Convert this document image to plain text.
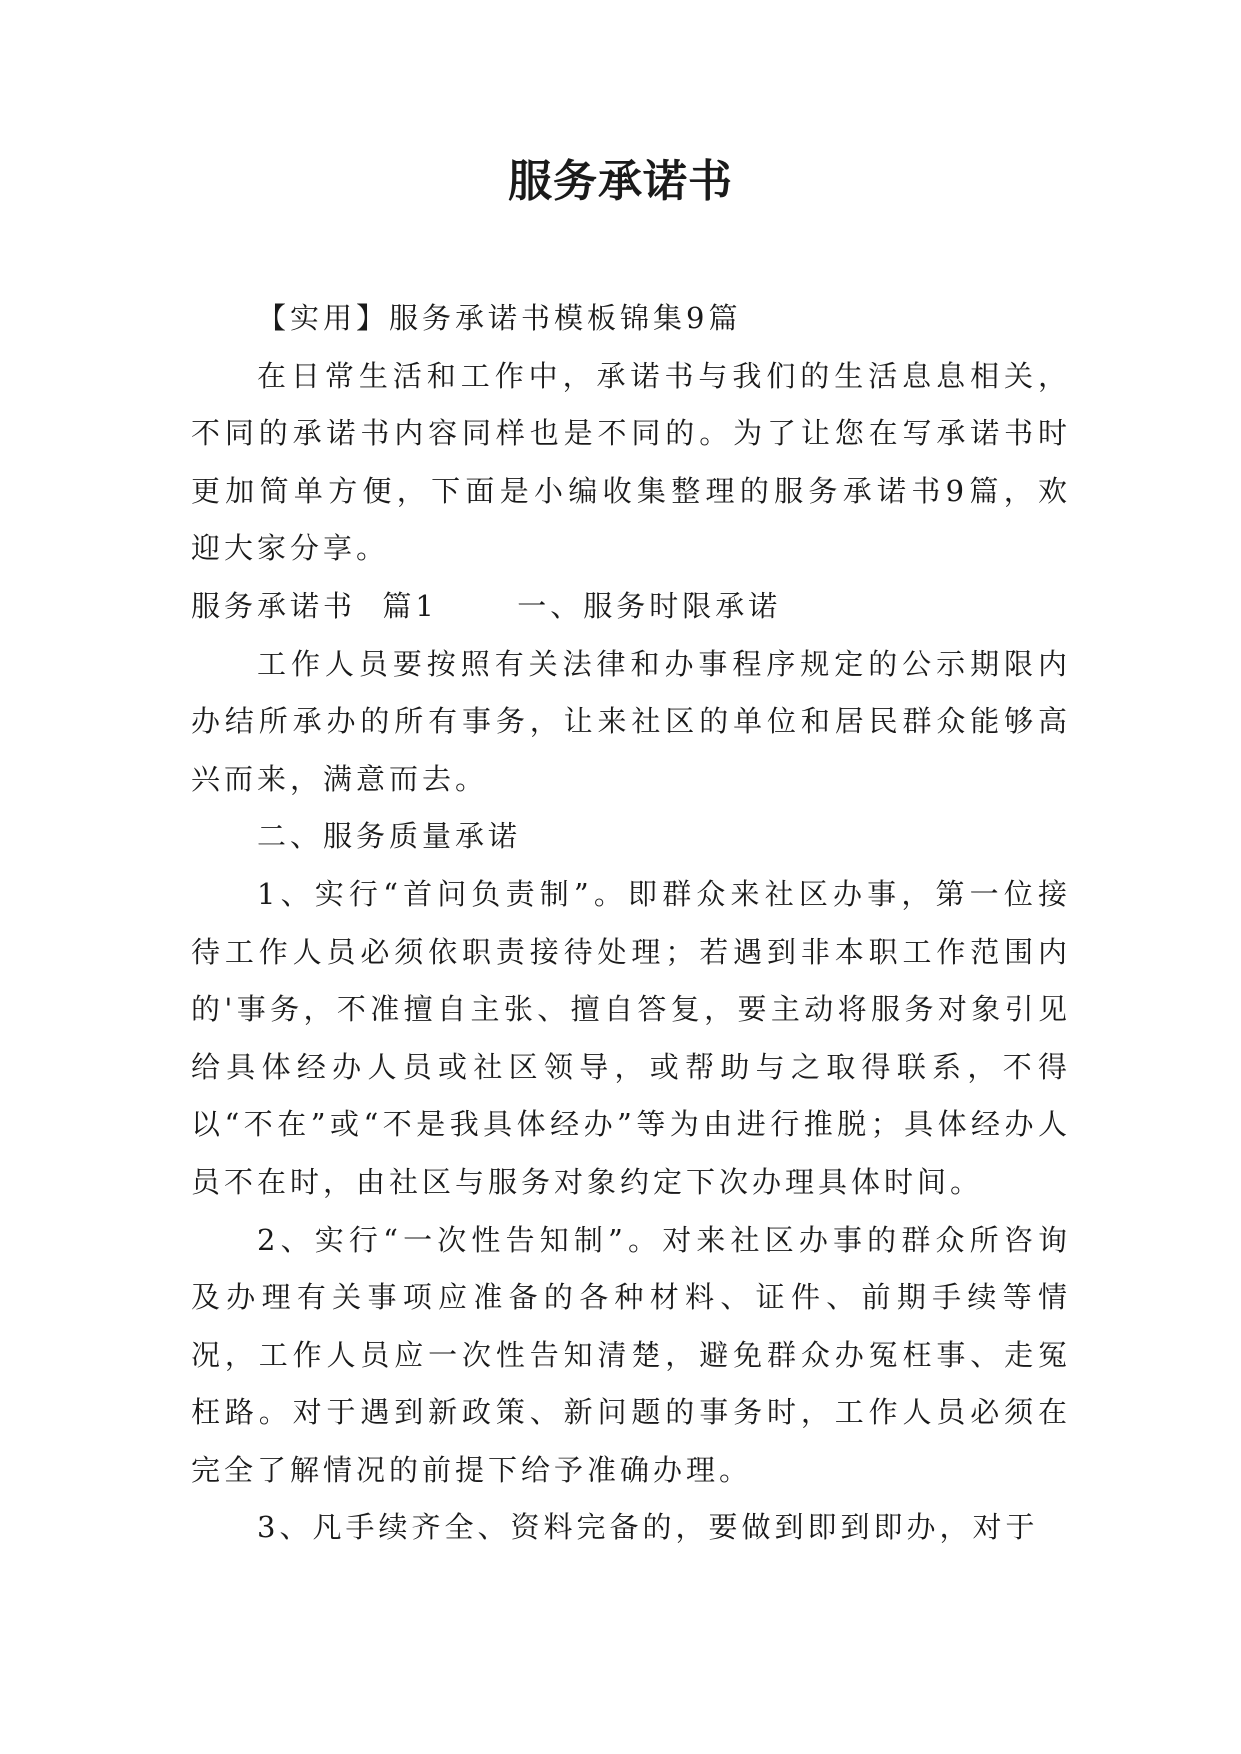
服务承诺书

【实用】服务承诺书模板锦集9篇

在日常生活和工作中，承诺书与我们的生活息息相关，不同的承诺书内容同样也是不同的。为了让您在写承诺书时更加简单方便，下面是小编收集整理的服务承诺书9篇，欢迎大家分享。

服务承诺书  篇1      一、服务时限承诺

工作人员要按照有关法律和办事程序规定的公示期限内办结所承办的所有事务，让来社区的单位和居民群众能够高兴而来，满意而去。

二、服务质量承诺

1、实行“首问负责制”。即群众来社区办事，第一位接待工作人员必须依职责接待处理；若遇到非本职工作范围内的'事务，不准擅自主张、擅自答复，要主动将服务对象引见给具体经办人员或社区领导，或帮助与之取得联系，不得以“不在”或“不是我具体经办”等为由进行推脱；具体经办人员不在时，由社区与服务对象约定下次办理具体时间。

2、实行“一次性告知制”。对来社区办事的群众所咨询及办理有关事项应准备的各种材料、证件、前期手续等情况，工作人员应一次性告知清楚，避免群众办冤枉事、走冤枉路。对于遇到新政策、新问题的事务时，工作人员必须在完全了解情况的前提下给予准确办理。

3、凡手续齐全、资料完备的，要做到即到即办，对于
